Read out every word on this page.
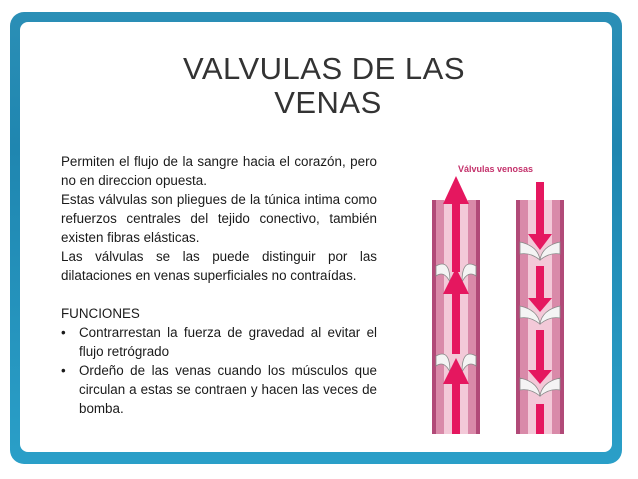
VALVULAS DE LAS
VENAS
Permiten el flujo de la sangre hacia el corazón, pero no en direccion opuesta.
Estas válvulas son pliegues de la túnica intima como refuerzos centrales del tejido conectivo, también existen fibras elásticas.
Las válvulas se las puede distinguir por las dilataciones en venas superficiales no contraídas.
FUNCIONES
• Contrarrestan la fuerza de gravedad al evitar el flujo retrógrado
• Ordeño de las venas cuando los músculos que circulan a estas se contraen y hacen las veces de bomba.
Válvulas venosas
